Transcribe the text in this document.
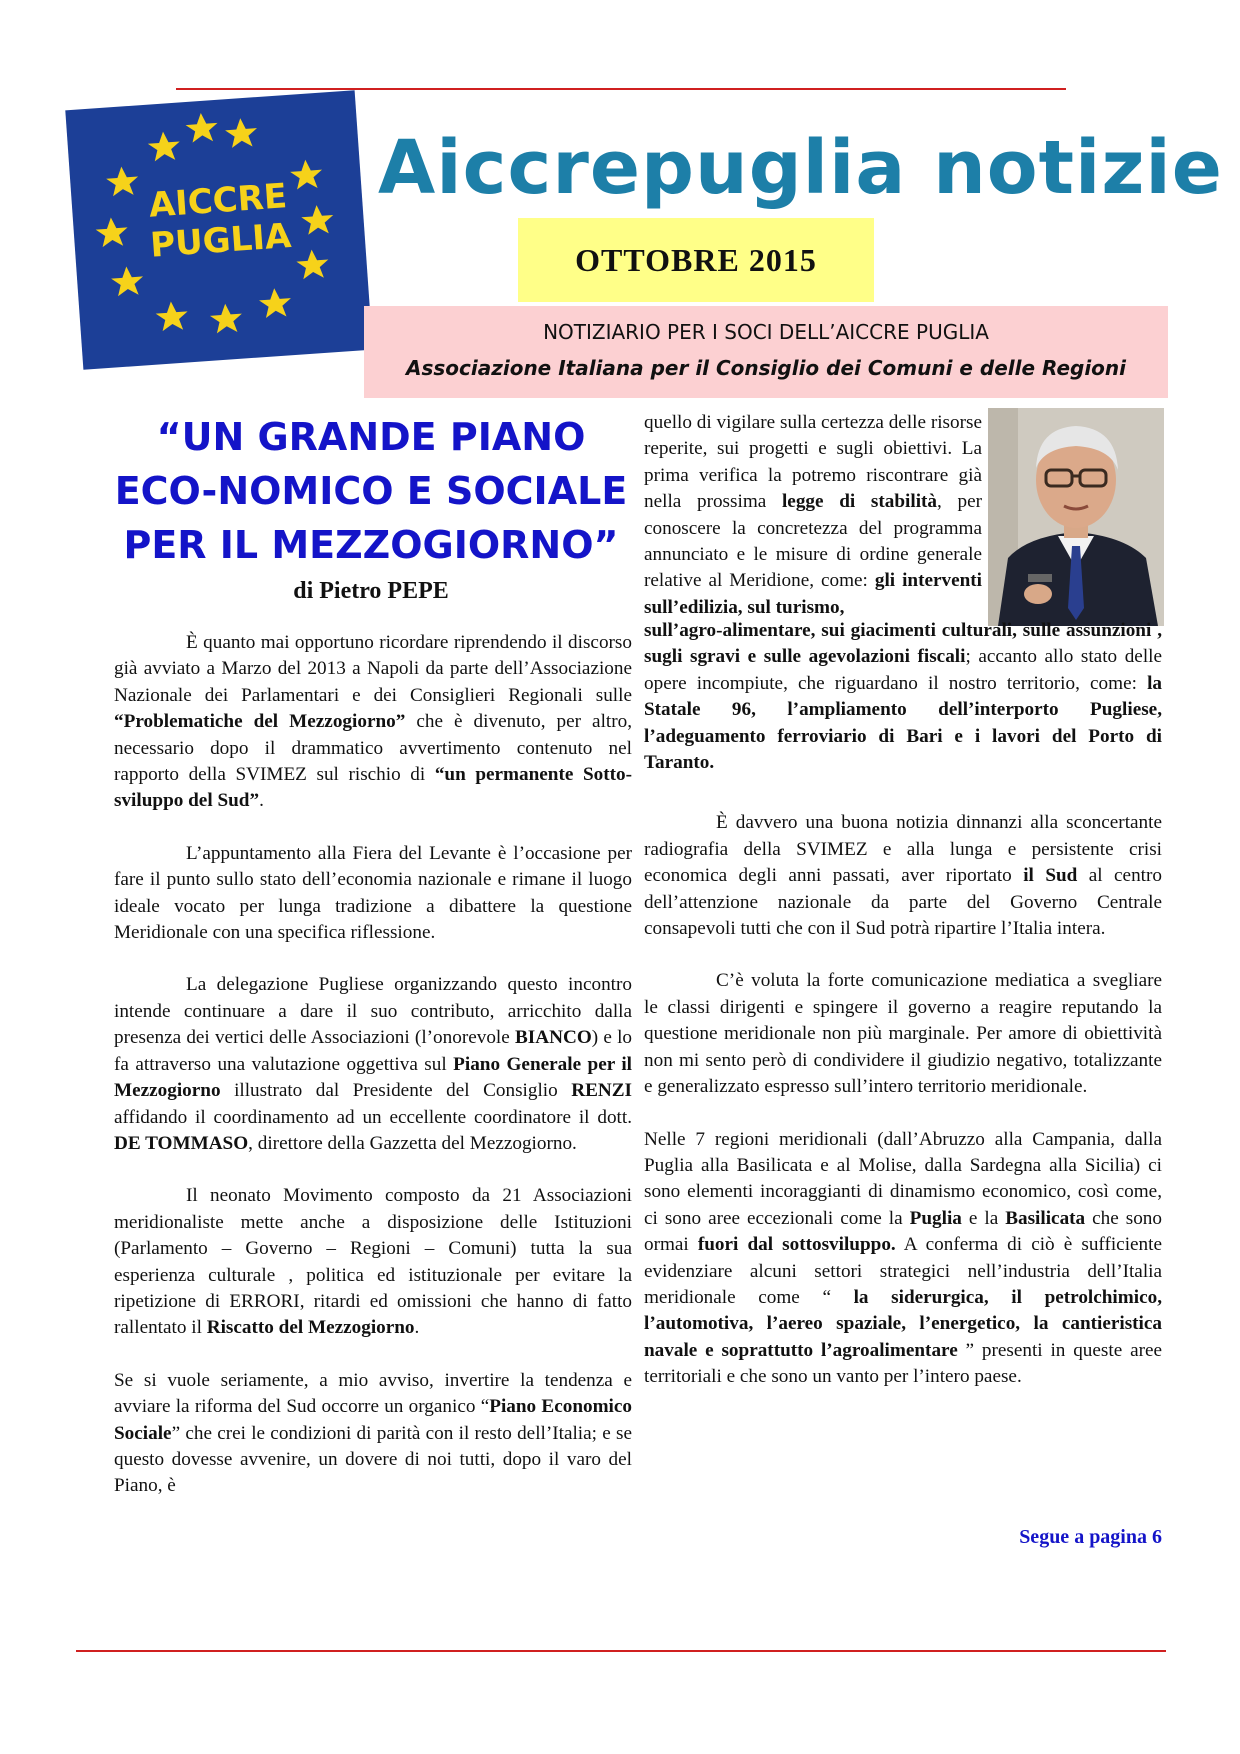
AICCRE
PUGLIA
Aiccrepuglia notizie
OTTOBRE 2015
NOTIZIARIO PER I SOCI DELL’AICCRE PUGLIA
Associazione Italiana per il Consiglio dei Comuni e delle Regioni
“UN GRANDE PIANO ECO-NOMICO E SOCIALE PER IL MEZZOGIORNO”
di Pietro PEPE

È quanto mai opportuno ricordare riprendendo il discorso già avviato a Marzo del 2013 a Napoli da parte dell’Associazione Nazionale dei Parlamentari e dei Consiglieri Regionali sulle “Problematiche del Mezzogiorno” che è divenuto, per altro, necessario dopo il drammatico avvertimento contenuto nel rapporto della SVIMEZ sul rischio di “un permanente Sotto-sviluppo del Sud”.

L’appuntamento alla Fiera del Levante è l’occasione per fare il punto sullo stato dell’economia nazionale e rimane il luogo ideale vocato per lunga tradizione a dibattere la questione Meridionale con una specifica riflessione.

La delegazione Pugliese organizzando questo incontro intende continuare a dare il suo contributo, arricchito dalla presenza dei vertici delle Associazioni (l’onorevole BIANCO) e lo fa attraverso una valutazione oggettiva sul Piano Generale per il Mezzogiorno illustrato dal Presidente del Consiglio RENZI affidando il coordinamento ad un eccellente coordinatore il dott. DE TOMMASO, direttore della Gazzetta del Mezzogiorno.

Il neonato Movimento composto da 21 Associazioni meridionaliste mette anche a disposizione delle Istituzioni (Parlamento – Governo – Regioni – Comuni) tutta la sua esperienza culturale , politica ed istituzionale per evitare la ripetizione di ERRORI, ritardi ed omissioni che hanno di fatto rallentato il Riscatto del Mezzogiorno.

Se si vuole seriamente, a mio avviso, invertire la tendenza e avviare la riforma del Sud occorre un organico “Piano Economico Sociale” che crei le condizioni di parità con il resto dell’Italia; e se questo dovesse avvenire, un dovere di noi tutti, dopo il varo del Piano, è

quello di vigilare sulla certezza delle risorse reperite, sui progetti e sugli obiettivi. La prima verifica la potremo riscontrare già nella prossima legge di stabilità, per conoscere la concretezza del programma annunciato e le misure di ordine generale relative al Meridione, come: gli interventi sull’edilizia, sul turismo,

sull’agro-alimentare, sui giacimenti culturali, sulle assunzioni , sugli sgravi e sulle agevolazioni fiscali; accanto allo stato delle opere incompiute, che riguardano il nostro territorio, come: la Statale 96, l’ampliamento dell’interporto Pugliese, l’adeguamento ferroviario di Bari e i lavori del Porto di Taranto.

È davvero una buona notizia dinnanzi alla sconcertante radiografia della SVIMEZ e alla lunga e persistente crisi economica degli anni passati, aver riportato il Sud al centro dell’attenzione nazionale da parte del Governo Centrale consapevoli tutti che con il Sud potrà ripartire l’Italia intera.

C’è voluta la forte comunicazione mediatica a svegliare le classi dirigenti e spingere il governo a reagire reputando la questione meridionale non più marginale. Per amore di obiettività non mi sento però di condividere il giudizio negativo, totalizzante e generalizzato espresso sull’intero territorio meridionale.

Nelle 7 regioni meridionali (dall’Abruzzo alla Campania, dalla Puglia alla Basilicata e al Molise, dalla Sardegna alla Sicilia) ci sono elementi incoraggianti di dinamismo economico, così come, ci sono aree eccezionali come la Puglia e la Basilicata che sono ormai fuori dal sottosviluppo. A conferma di ciò è sufficiente evidenziare alcuni settori strategici nell’industria dell’Italia meridionale come “ la siderurgica, il petrolchimico, l’automotiva, l’aereo spaziale, l’energetico, la cantieristica navale e soprattutto l’agroalimentare ” presenti in queste aree territoriali e che sono un vanto per l’intero paese.

Segue a pagina 6
